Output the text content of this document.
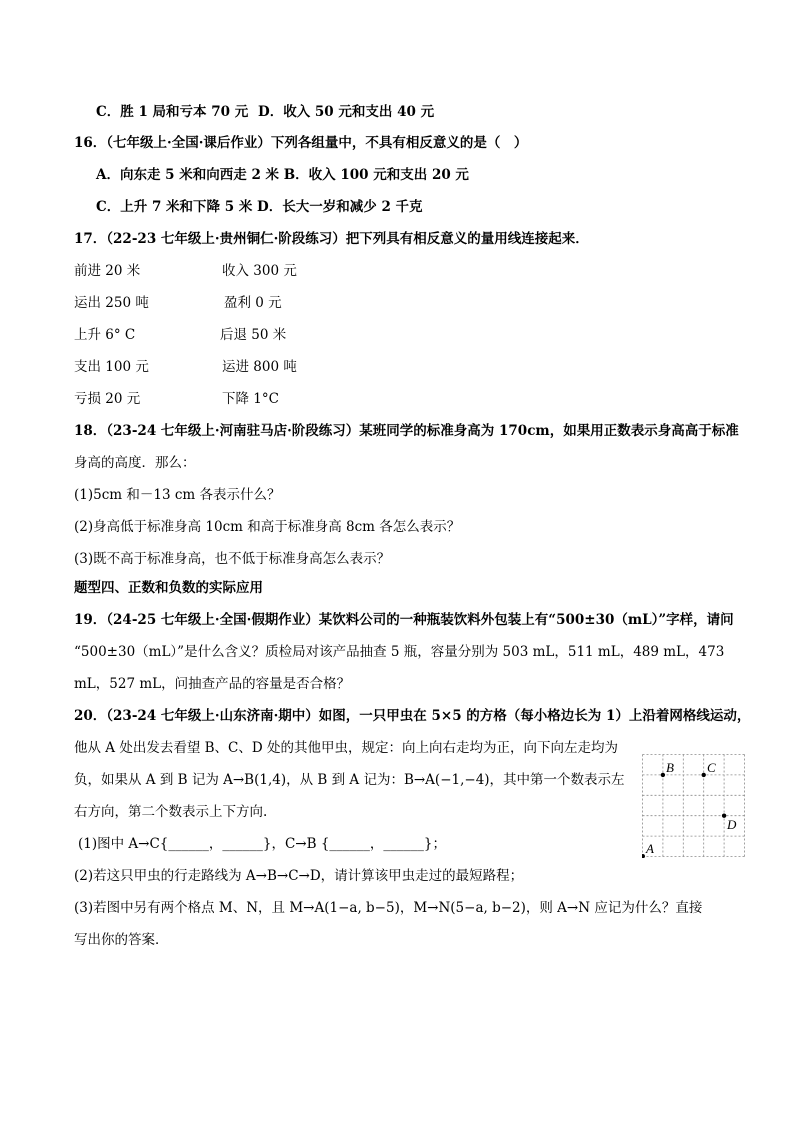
C．胜 1 局和亏本 70 元 D．收入 50 元和支出 40 元
16．（七年级上·全国·课后作业）下列各组量中，不具有相反意义的是（　）
A．向东走 5 米和向西走 2 米 B．收入 100 元和支出 20 元
C．上升 7 米和下降 5 米 D．长大一岁和减少 2 千克
17．（22-23 七年级上·贵州铜仁·阶段练习）把下列具有相反意义的量用线连接起来．
前进 20 米	收入 300 元
运出 250 吨	盈利 0 元
上升 6° C	后退 50 米
支出 100 元	运进 800 吨
亏损 20 元	下降 1°C
18．（23-24 七年级上·河南驻马店·阶段练习）某班同学的标准身高为 170cm，如果用正数表示身高高于标准
身高的高度．那么：
(1)5cm 和－13 cm 各表示什么？
(2)身高低于标准身高 10cm 和高于标准身高 8cm 各怎么表示？
(3)既不高于标准身高，也不低于标准身高怎么表示？
题型四、正数和负数的实际应用
19．（24-25 七年级上·全国·假期作业）某饮料公司的一种瓶装饮料外包装上有“500±30（mL）”字样，请问
“500±30（mL）”是什么含义？质检局对该产品抽查 5 瓶，容量分别为 503 mL，511 mL，489 mL，473
mL，527 mL，问抽查产品的容量是否合格？
20．（23-24 七年级上·山东济南·期中）如图，一只甲虫在 5×5 的方格（每小格边长为 1）上沿着网格线运动，
他从 A 处出发去看望 B、C、D 处的其他甲虫，规定：向上向右走均为正，向下向左走均为
负，如果从 A 到 B 记为 A→B(1,4)，从 B 到 A 记为：B→A(−1,−4)，其中第一个数表示左
右方向，第二个数表示上下方向.
(1)图中 A→C{______，______}，C→B {______，______}；
(2)若这只甲虫的行走路线为 A→B→C→D，请计算该甲虫走过的最短路程；
(3)若图中另有两个格点 M、N，且 M→A(1−a, b−5)，M→N(5−a, b−2)，则 A→N 应记为什么？直接
写出你的答案．
A
B	C
D
